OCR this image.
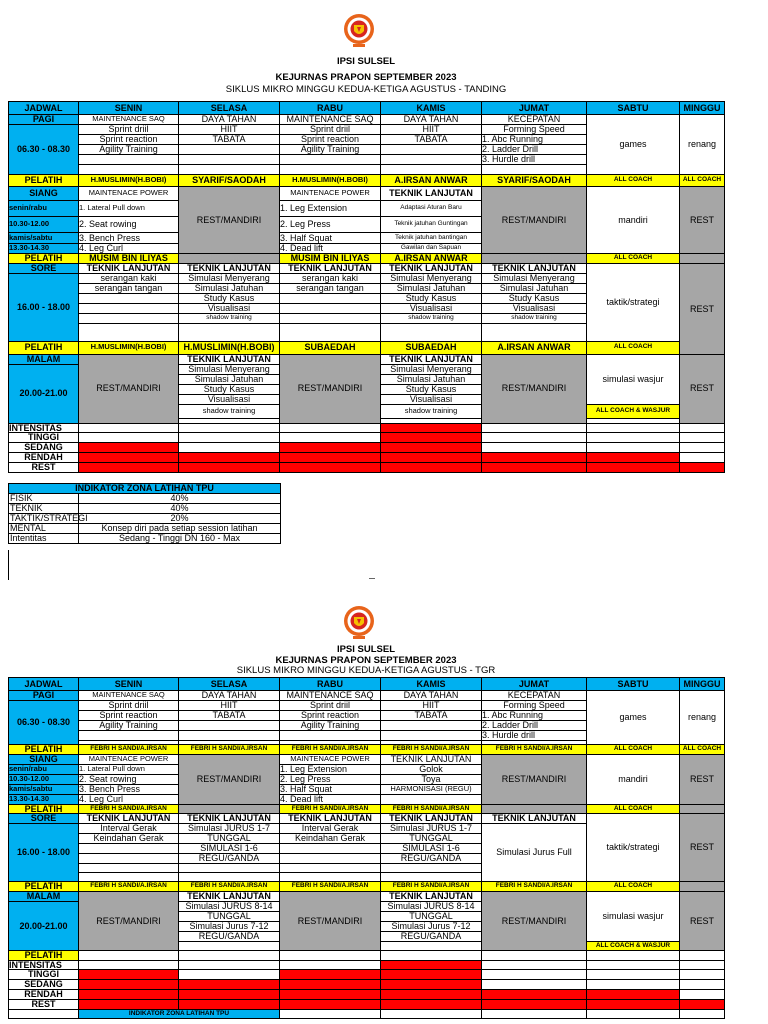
IPSI SULSEL
KEJURNAS PRAPON SEPTEMBER 2023
SIKLUS MIKRO MINGGU KEDUA-KETIGA AGUSTUS - TANDING
JADWAL	SENIN	SELASA	RABU	KAMIS	JUMAT	SABTU	MINGGU
PAGI	MAINTENANCE SAQ	DAYA TAHAN	MAINTENANCE SAQ	DAYA TAHAN	KECEPATAN	games	renang
06.30 - 08.30	Sprint driil	HIIT	Sprint driil	HIIT	Forming Speed		
	Sprint reaction	TABATA	Sprint reaction	TABATA	1. Abc Running		
	Agility Training		Agility Training		2. Ladder Drill		
					3. Hurdle drill		

PELATIH	H.MUSLIMIN(H.BOBI)	SYARIF/SAODAH	H.MUSLIMIN(H.BOBI)	A.IRSAN ANWAR	SYARIF/SAODAH	ALL COACH	ALL COACH
SIANG	MAINTENACE POWER	REST/MANDIRI	MAINTENACE POWER	TEKNIK LANJUTAN	REST/MANDIRI	mandiri	REST
senin/rabu	1. Lateral Pull down		1. Leg Extension	Adaptasi Aturan Baru			
10.30-12.00	2. Seat rowing		2. Leg Press	Teknik jatuhan Guntingan			
kamis/sabtu	3. Bench Press		3. Half Squat	Teknik jatuhan bantingan			
13.30-14.30	4. Leg Curl		4. Dead lift	Gawilan dan Sapuan			
PELATIH	MUSIM BIN ILIYAS		MUSIM BIN ILIYAS	A.IRSAN ANWAR		ALL COACH	
SORE	TEKNIK LANJUTAN	TEKNIK LANJUTAN	TEKNIK LANJUTAN	TEKNIK LANJUTAN	TEKNIK LANJUTAN	taktik/strategi	REST
16.00 - 18.00	serangan kaki	Simulasi Menyerang	serangan kaki	Simulasi Menyerang	Simulasi Menyerang		
	serangan tangan	Simulasi Jatuhan	serangan tangan	Simulasi Jatuhan	Simulasi Jatuhan		
		Study Kasus		Study Kasus	Study Kasus		
		Visualisasi		Visualisasi	Visualisasi		
		shadow training		shadow training	shadow training		

PELATIH	H.MUSLIMIN(H.BOBI)	H.MUSLIMIN(H.BOBI)	SUBAEDAH	SUBAEDAH	A.IRSAN ANWAR	ALL COACH	
MALAM	REST/MANDIRI	TEKNIK LANJUTAN	REST/MANDIRI	TEKNIK LANJUTAN	REST/MANDIRI	simulasi wasjur	REST
20.00-21.00		Simulasi Menyerang		Simulasi Menyerang			
		Simulasi Jatuhan		Simulasi Jatuhan			
		Study Kasus		Study Kasus			
		Visualisasi		Visualisasi			
		shadow training		shadow training		ALL COACH & WASJUR	

INTENSITAS							
TINGGI							
SEDANG							
RENDAH							
REST							
INDIKATOR ZONA LATIHAN TPU	
FISIK	40%
TEKNIK	40%
TAKTIK/STRATEGI	20%
MENTAL	Konsep diri pada setiap session latihan
Intentitas	Sedang - Tinggi DN 160 - Max
IPSI SULSEL
KEJURNAS PRAPON SEPTEMBER 2023
SIKLUS MIKRO MINGGU KEDUA-KETIGA AGUSTUS - TGR
JADWAL	SENIN	SELASA	RABU	KAMIS	JUMAT	SABTU	MINGGU
PAGI	MAINTENANCE SAQ	DAYA TAHAN	MAINTENANCE SAQ	DAYA TAHAN	KECEPATAN	games	renang
06.30 - 08.30	Sprint driil	HIIT	Sprint driil	HIIT	Forming Speed		
	Sprint reaction	TABATA	Sprint reaction	TABATA	1. Abc Running		
	Agility Training		Agility Training		2. Ladder Drill		
					3. Hurdle drill		

PELATIH	FEBRI H SANDI/A.IRSAN	FEBRI H SANDI/A.IRSAN	FEBRI H SANDI/A.IRSAN	FEBRI H SANDI/A.IRSAN	FEBRI H SANDI/A.IRSAN	ALL COACH	ALL COACH
SIANG	MAINTENACE POWER	REST/MANDIRI	MAINTENACE POWER	TEKNIK LANJUTAN	REST/MANDIRI	mandiri	REST
senin/rabu	1. Lateral Pull down		1. Leg Extension	Golok			
10.30-12.00	2. Seat rowing		2. Leg Press	Toya			
kamis/sabtu	3. Bench Press		3. Half Squat	HARMONISASI (REGU)			
13.30-14.30	4. Leg Curl		4. Dead lift				
PELATIH	FEBRI H SANDI/A.IRSAN		FEBRI H SANDI/A.IRSAN	FEBRI H SANDI/A.IRSAN		ALL COACH	
SORE	TEKNIK LANJUTAN	TEKNIK LANJUTAN	TEKNIK LANJUTAN	TEKNIK LANJUTAN	TEKNIK LANJUTAN	taktik/strategi	REST
16.00 - 18.00	Interval Gerak	Simulasi JURUS 1-7	Interval Gerak	Simulasi JURUS 1-7	Simulasi Jurus Full		
	Keindahan Gerak	TUNGGAL	Keindahan Gerak	TUNGGAL			
		SIMULASI 1-6		SIMULASI 1-6			
		REGU/GANDA		REGU/GANDA			

PELATIH	FEBRI H SANDI/A.IRSAN	FEBRI H SANDI/A.IRSAN	FEBRI H SANDI/A.IRSAN	FEBRI H SANDI/A.IRSAN	FEBRI H SANDI/A.IRSAN	ALL COACH	
MALAM	REST/MANDIRI	TEKNIK LANJUTAN	REST/MANDIRI	TEKNIK LANJUTAN	REST/MANDIRI	simulasi wasjur	REST
20.00-21.00		Simulasi JURUS 8-14		Simulasi JURUS 8-14			
		TUNGGAL		TUNGGAL			
		Simulasi Jurus 7-12		Simulasi Jurus 7-12			
		REGU/GANDA		REGU/GANDA			
						ALL COACH & WASJUR	
PELATIH							
INTENSITAS							
TINGGI							
SEDANG							
RENDAH							
REST							
	INDIKATOR ZONA LATIHAN TPU						
